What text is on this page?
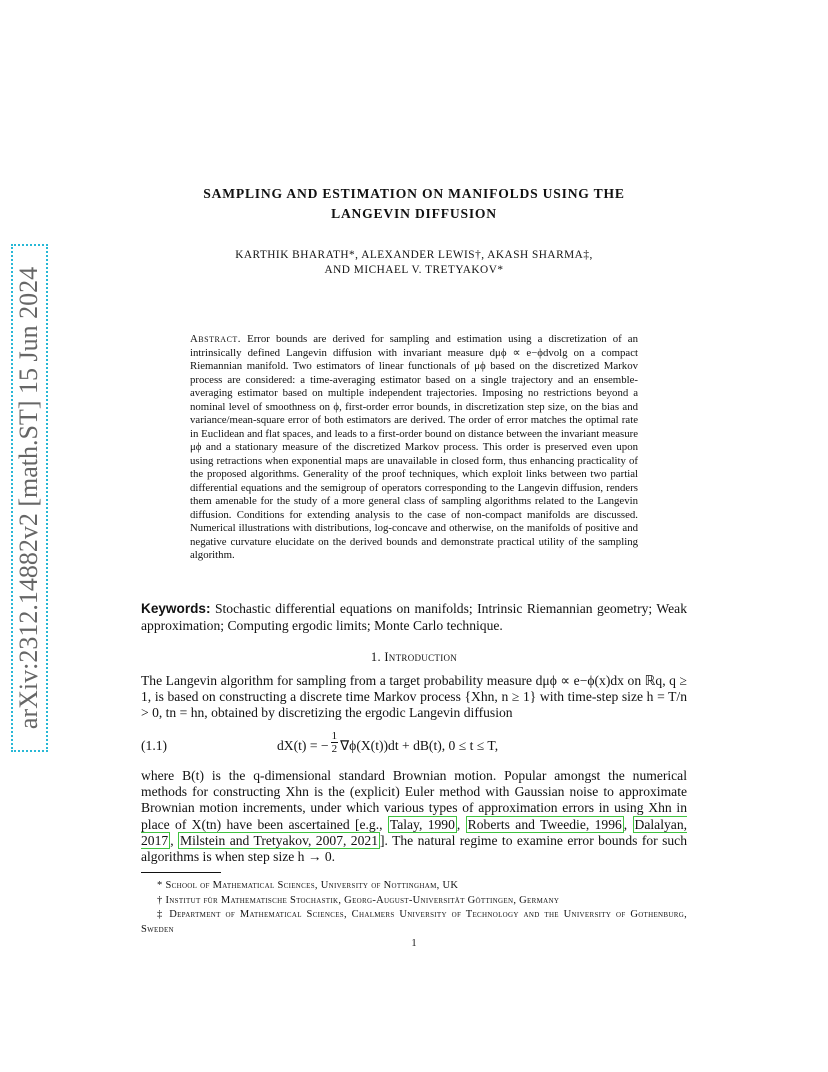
arXiv:2312.14882v2 [math.ST] 15 Jun 2024
SAMPLING AND ESTIMATION ON MANIFOLDS USING THE
LANGEVIN DIFFUSION
KARTHIK BHARATH*, ALEXANDER LEWIS†, AKASH SHARMA‡,
AND MICHAEL V. TRETYAKOV*
Abstract. Error bounds are derived for sampling and estimation using a discretization of an intrinsically defined Langevin diffusion with invariant measure dμϕ ∝ e−ϕdvolg on a compact Riemannian manifold. Two estimators of linear functionals of μϕ based on the discretized Markov process are considered: a time-averaging estimator based on a single trajectory and an ensemble-averaging estimator based on multiple independent trajectories. Imposing no restrictions beyond a nominal level of smoothness on ϕ, first-order error bounds, in discretization step size, on the bias and variance/mean-square error of both estimators are derived. The order of error matches the optimal rate in Euclidean and flat spaces, and leads to a first-order bound on distance between the invariant measure μϕ and a stationary measure of the discretized Markov process. This order is preserved even upon using retractions when exponential maps are unavailable in closed form, thus enhancing practicality of the proposed algorithms. Generality of the proof techniques, which exploit links between two partial differential equations and the semigroup of operators corresponding to the Langevin diffusion, renders them amenable for the study of a more general class of sampling algorithms related to the Langevin diffusion. Conditions for extending analysis to the case of non-compact manifolds are discussed. Numerical illustrations with distributions, log-concave and otherwise, on the manifolds of positive and negative curvature elucidate on the derived bounds and demonstrate practical utility of the sampling algorithm.
Keywords: Stochastic differential equations on manifolds; Intrinsic Riemannian geometry; Weak approximation; Computing ergodic limits; Monte Carlo technique.
1. Introduction
The Langevin algorithm for sampling from a target probability measure dμϕ ∝ e−ϕ(x)dx on ℝq, q ≥ 1, is based on constructing a discrete time Markov process {Xhn, n ≥ 1} with time-step size h = T/n > 0, tn = hn, obtained by discretizing the ergodic Langevin diffusion
(1.1)	dX(t) = − $\frac{1}{2} \nabla\phi(X(t))dt + dB(t)$, 0 ≤ t ≤ T,
where B(t) is the q-dimensional standard Brownian motion. Popular amongst the numerical methods for constructing Xhn is the (explicit) Euler method with Gaussian noise to approximate Brownian motion increments, under which various types of approximation errors in using Xhn in place of X(tn) have been ascertained [e.g., Talay, 1990 , Roberts and Tweedie, 1996 , Dalalyan, 2017 , Milstein and Tretyakov, 2007, 2021 ]. The natural regime to examine error bounds for such algorithms is when step size h → 0.
* School of Mathematical Sciences, University of Nottingham, UK
† Institut für Mathematische Stochastik, Georg-August-Universität Göttingen, Germany
‡ Department of Mathematical Sciences, Chalmers University of Technology and the University of Gothenburg, Sweden
1
